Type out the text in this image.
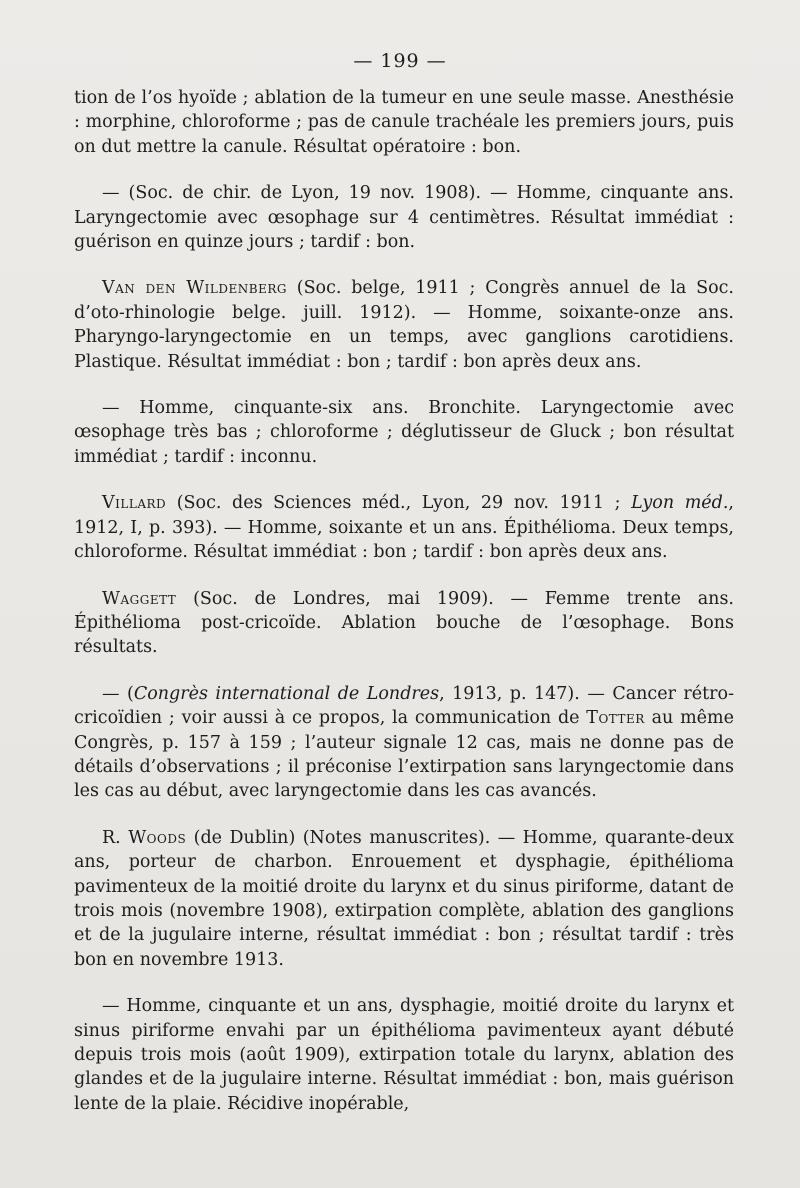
— 199 —

tion de l’os hyoïde ; ablation de la tumeur en une seule masse. Anesthésie : morphine, chloroforme ; pas de canule trachéale les premiers jours, puis on dut mettre la canule. Résultat opératoire : bon.

— (Soc. de chir. de Lyon, 19 nov. 1908). — Homme, cinquante ans. Laryngectomie avec œsophage sur 4 centimètres. Résultat immédiat : guérison en quinze jours ; tardif : bon.

Van den Wildenberg (Soc. belge, 1911 ; Congrès annuel de la Soc. d’oto-rhinologie belge. juill. 1912). — Homme, soixante-onze ans. Pharyngo-laryngectomie en un temps, avec ganglions carotidiens. Plastique. Résultat immédiat : bon ; tardif : bon après deux ans.

— Homme, cinquante-six ans. Bronchite. Laryngectomie avec œsophage très bas ; chloroforme ; déglutisseur de Gluck ; bon résultat immédiat ; tardif : inconnu.

Villard (Soc. des Sciences méd., Lyon, 29 nov. 1911 ; Lyon méd., 1912, I, p. 393). — Homme, soixante et un ans. Épithélioma. Deux temps, chloroforme. Résultat immédiat : bon ; tardif : bon après deux ans.

Waggett (Soc. de Londres, mai 1909). — Femme trente ans. Épithélioma post-cricoïde. Ablation bouche de l’œsophage. Bons résultats.

— (Congrès international de Londres, 1913, p. 147). — Cancer rétro-cricoïdien ; voir aussi à ce propos, la communication de Totter au même Congrès, p. 157 à 159 ; l’auteur signale 12 cas, mais ne donne pas de détails d’observations ; il préconise l’extirpation sans laryngectomie dans les cas au début, avec laryngectomie dans les cas avancés.

R. Woods (de Dublin) (Notes manuscrites). — Homme, quarante-deux ans, porteur de charbon. Enrouement et dysphagie, épithélioma pavimenteux de la moitié droite du larynx et du sinus piriforme, datant de trois mois (novembre 1908), extirpation complète, ablation des ganglions et de la jugulaire interne, résultat immédiat : bon ; résultat tardif : très bon en novembre 1913.

— Homme, cinquante et un ans, dysphagie, moitié droite du larynx et sinus piriforme envahi par un épithélioma pavimenteux ayant débuté depuis trois mois (août 1909), extirpation totale du larynx, ablation des glandes et de la jugulaire interne. Résultat immédiat : bon, mais guérison lente de la plaie. Récidive inopérable,
